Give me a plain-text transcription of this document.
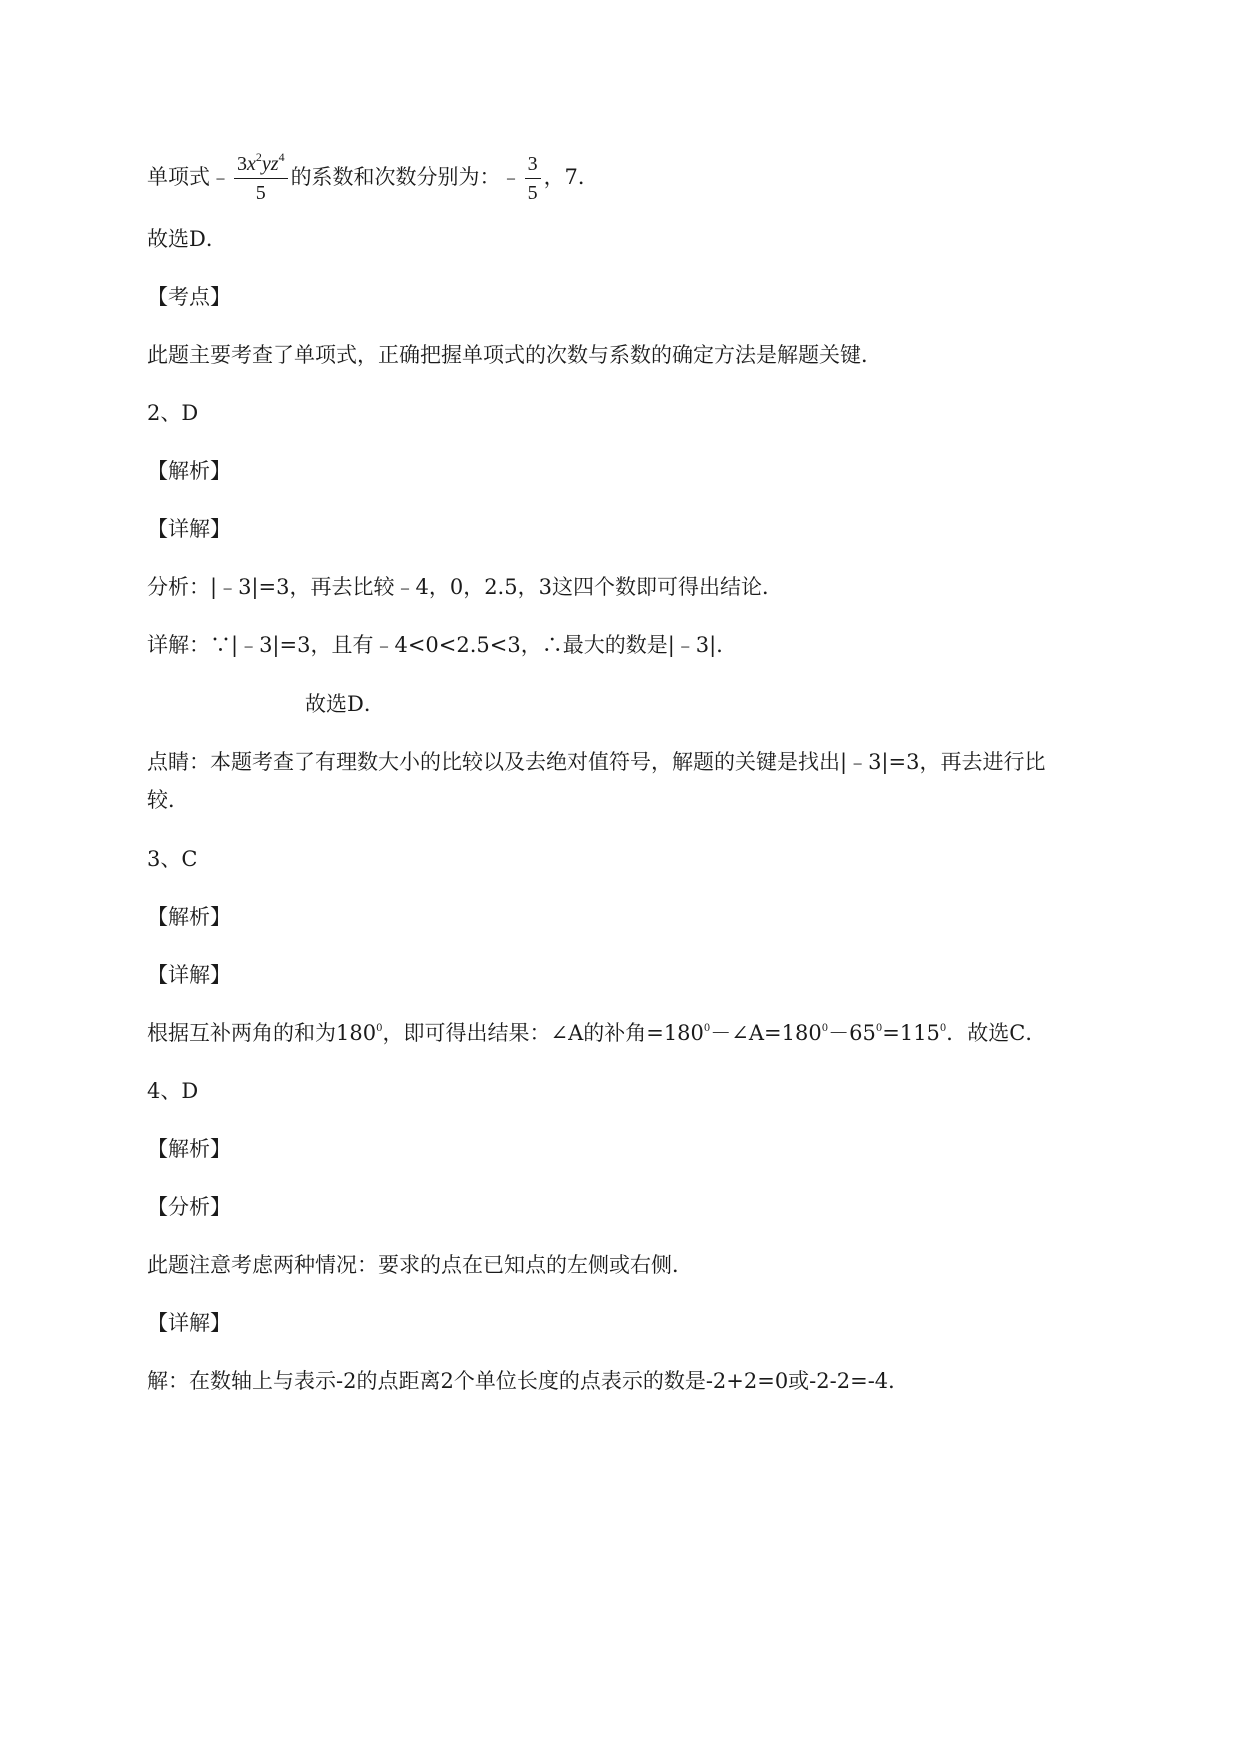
单项式﹣ $\frac{3x^2yz^4}{5}$ 的系数和次数分别为：﹣ $\frac{3}{5}$ ，7．
故选D．
【考点】
此题主要考查了单项式，正确把握单项式的次数与系数的确定方法是解题关键．
2、D
【解析】
【详解】
分析：|﹣3|=3，再去比较﹣4，0，2.5，3这四个数即可得出结论．
详解：∵|﹣3|=3，且有﹣4<0<2.5<3，∴最大的数是|﹣3|．
故选D．
点睛：本题考查了有理数大小的比较以及去绝对值符号，解题的关键是找出|﹣3|=3，再去进行比
较．
3、C
【解析】
【详解】
根据互补两角的和为$180^0$，即可得出结果：∠A的补角$=180^0-\angle A=180^0-65^0=115^0$．故选C．
4、D
【解析】
【分析】
此题注意考虑两种情况：要求的点在已知点的左侧或右侧．
【详解】
解：在数轴上与表示-2的点距离2个单位长度的点表示的数是-2+2=0或-2-2=-4．
